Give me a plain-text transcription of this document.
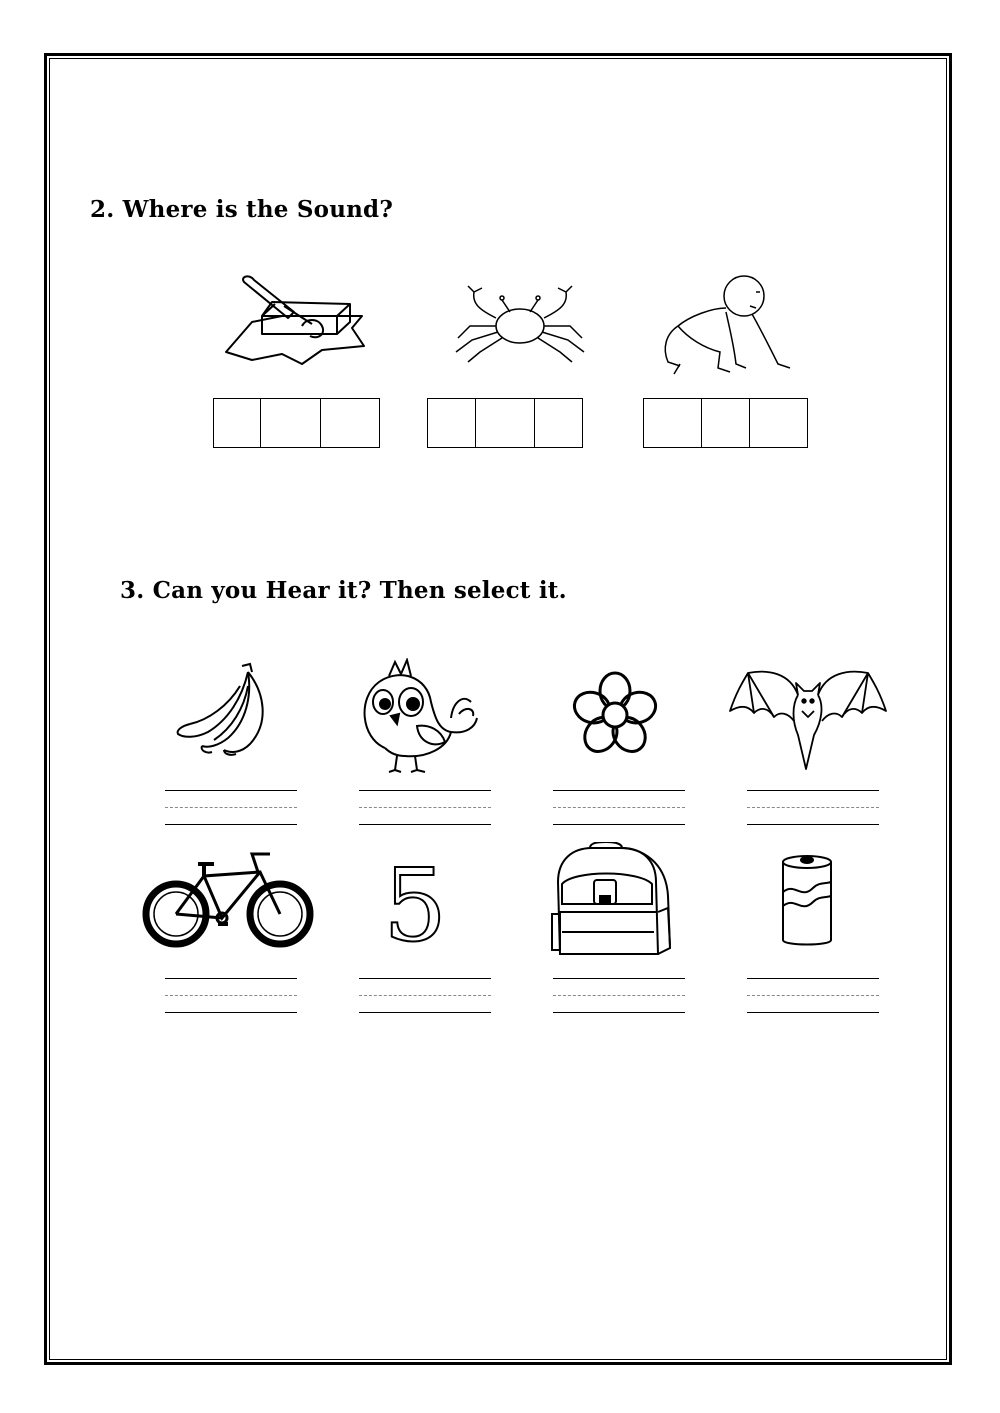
2. Where is the Sound?
3. Can you Hear it? Then select it.
5
